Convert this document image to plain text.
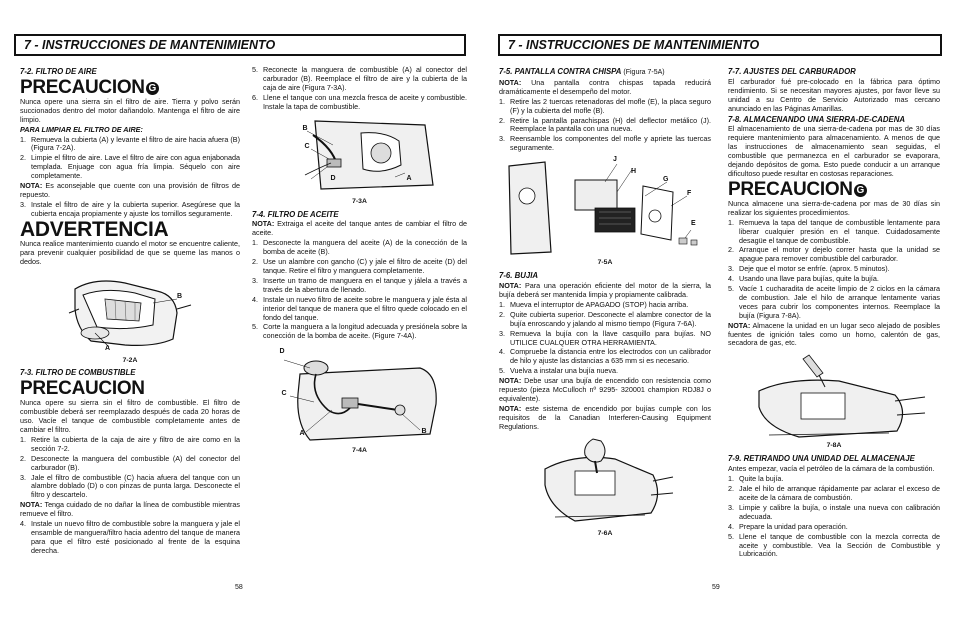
7 - INSTRUCCIONES DE MANTENIMIENTO
7-2. FILTRO DE AIRE
PRECAUCION G

Nunca opere una sierra sin el filtro de aire. Tierra y polvo serán succionados dentro del motor dañandolo. Mantenga el filtro de aire limpio.

PARA LIMPIAR EL FILTRO DE AIRE:
1. Remueva la cubierta (A) y levante el filtro de aire hacia afuera (B) (Figura 7-2A).
2. Limpie el filtro de aire. Lave el filtro de aire con agua enjabonada templada. Enjuage con agua fría limpia. Séquelo con aire completamente.

NOTA: Es aconsejable que cuente con una provisión de filtros de repuesto.

3. Instale el filtro de aire y la cubierta superior. Asegúrese que la cubierta encaja propiamente y ajuste los tornillos seguramente.
ADVERTENCIA

Nunca realice mantenimiento cuando el motor se encuentre caliente, para prevenir cualquier posibilidad de que se queme las manos o dedos.

B
A
7-2A
7-3. FILTRO DE COMBUSTIBLE
PRECAUCION

Nunca opere su sierra sin el filtro de combustible. El filtro de combustible deberá ser reemplazado después de cada 20 horas de uso. Vacíe el tanque de combustible completamente antes de cambiar el filtro.

1. Retire la cubierta de la caja de aire y filtro de aire como en la sección 7-2.
2. Desconecte la manguera del combustible (A) del conector del carburador (B).
3. Jale el filtro de combustible (C) hacia afuera del tanque con un alambre doblado (D) o con pinzas de punta larga. Desconecte el filtro y descartelo.

NOTA: Tenga cuidado de no dañar la línea de combustible mientras remueve el filtro.

4. Instale un nuevo filtro de combustible sobre la manguera y jale el ensamble de manguera/filtro hacia adentro del tanque de manera para que el filtro esté posicionado al frente de la esquina derecha.
5. Reconecte la manguera de combustible (A) al conector del carburador (B). Reemplace el filtro de aire y la cubierta de la caja de aire (Figura 7-3A).
6. Llene el tanque con una mezcla fresca de aceite y combustible. Instale la tapa de combustible.
B
C
D	A
7-3A
7-4. FILTRO DE ACEITE

NOTA: Extraiga el aceite del tanque antes de cambiar el filtro de aceite.

1. Desconecte la manguera del aceite (A) de la conección de la bomba de aceite (B).
2. Use un alambre con gancho (C) y jale el filtro de aceite (D) del tanque. Retire el filtro y manguera completamente.
3. Inserte un tramo de manguera en el tanque y jálela a través a través de la abertura de llenado.
4. Instale un nuevo filtro de aceite sobre le manguera y jale ésta al interior del tanque de manera que el filtro quede colocado en el fondo del tanque.
5. Corte la manguera a la longitud adecuada y presiónela sobre la conección de la bomba de aceite. (Figure 7-4A).
D
C
A	B
7-4A
58
7 - INSTRUCCIONES DE MANTENIMIENTO
7-5. PANTALLA CONTRA CHISPA (Figura 7-5A)

NOTA: Una pantalla contra chispas tapada reducirá dramáticamente el desempeño del motor.

1. Retire las 2 tuercas retenadoras del mofle (E), la placa seguro (F) y la cubierta del mofle (B).
2. Retire la pantalla parachispas (H) del deflector metálico (J). Reemplace la pantalla con una nueva.
3. Reensamble los componentes del mofle y apriete las tuercas seguramente.
J
H
G
F
E
7-5A
7-6. BUJIA

NOTA: Para una operación eficiente del motor de la sierra, la bujía deberá ser mantenida limpia y propiamente calibrada.

1. Mueva el interruptor de APAGADO (STOP) hacia arriba.
2. Quite cubierta superior. Desconecte el alambre conector de la bujía enroscando y jalando al mismo tiempo (Figura 7-6A).
3. Remueva la bujía con la llave casquillo para bujías. NO UTILICE CUALQUER OTRA HERRAMIENTA.
4. Compruebe la distancia entre los electrodos con un calibrador de hilo y ajuste las distancias a 635 mm si es necesario.
5. Vuelva a instalar una bujía nueva.

NOTA: Debe usar una bujía de encendido con resistencia como repuesto (pieza McCulloch nº 9295- 320001 champion RDJ8J o equivalente).

NOTA: este sistema de encendido por bujías cumple con los requisitos de la Canadian Interferen-Causing Equipment Regulations.

7-6A
7-7. AJUSTES DEL CARBURADOR

El carburador fué pre-colocado en la fábrica para óptimo rendimiento. Si se necesitan mayores ajustes, por favor lleve su unidad a su Centro de Servicio Autorizado mas cercano anunciado en las Páginas Amarillas.

7-8. ALMACENANDO UNA SIERRA-DE-CADENA

El almacenamiento de una sierra-de-cadena por mas de 30 días requiere mantenimiento para almacenamiento. A menos de que las instrucciones de almacenamiento sean seguidas, el combustible que permanezca en el carburador se evaporara, dejando depósitos de goma. Esto puede conducir a un arranque dificultoso puede resultar en costosas reparaciones.

PRECAUCION G

Nunca almacene una sierra-de-cadena por mas de 30 días sin realizar los siguientes procedimientos.

1. Remueva la tapa del tanque de combustible lentamente para liberar cualquier presión en el tanque. Cuidadosamente desagüe el tanque de combustible.
2. Arranque el motor y dejelo correr hasta que la unidad se apague para remover combustible del carburador.
3. Deje que el motor se enfríe. (aprox. 5 minutos).
4. Usando una llave para bujías, quite la bujía.
5. Vacíe 1 cucharadita de aceite limpio de 2 ciclos en la cámara de combustion. Jale el hilo de arranque lentamente varias veces para cubrir los componentes internos. Reemplace la bujía (Figura 7-8A).

NOTA: Almacene la unidad en un lugar seco alejado de posibles fuentes de ignición tales como un horno, calentón de gas, secadora de gas, etc.

7-8A
7-9. RETIRANDO UNA UNIDAD DEL ALMACENAJE

Antes empezar, vacía el petróleo de la cámara de la combustión.

1. Quite la bujía.
2. Jale el hilo de arranque rápidamente par aclarar el exceso de aceite de la cámara de combustión.
3. Limpie y calibre la bujía, o instale una nueva con calibración adecuada.
4. Prepare la unidad para operación.
5. Llene el tanque de combustible con la mezcla correcta de aceite y combustible. Vea la Sección de Combustible y Lubricación.
59
